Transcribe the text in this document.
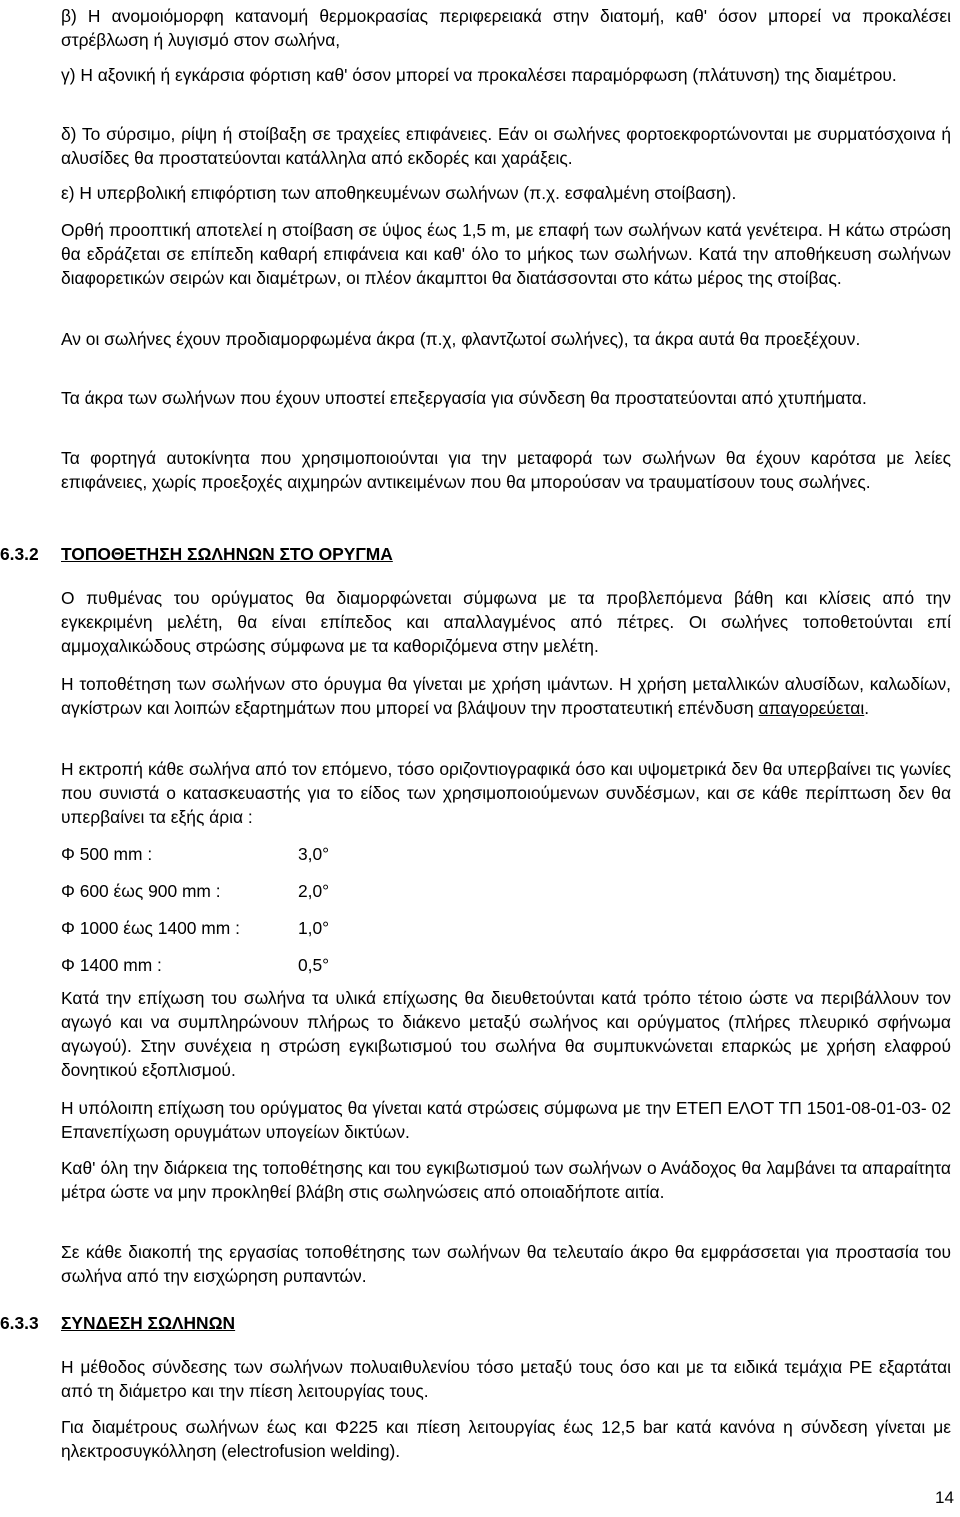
β) Η ανομοιόμορφη κατανομή θερμοκρασίας περιφερειακά στην διατομή, καθ' όσον μπορεί να προκαλέσει στρέβλωση ή λυγισμό στον σωλήνα,

γ) Η αξονική ή εγκάρσια φόρτιση καθ' όσον μπορεί να προκαλέσει παραμόρφωση (πλάτυνση) της διαμέτρου.

δ) Το σύρσιμο, ρίψη ή στοίβαξη σε τραχείες επιφάνειες. Εάν οι σωλήνες φορτοεκφορτώνονται με συρματόσχοινα ή αλυσίδες θα προστατεύονται κατάλληλα από εκδορές και χαράξεις.

ε) Η υπερβολική επιφόρτιση των αποθηκευμένων σωλήνων (π.χ. εσφαλμένη στοίβαση).

Ορθή προοπτική αποτελεί η στοίβαση σε ύψος έως 1,5 m, με επαφή των σωλήνων κατά γενέτειρα. Η κάτω στρώση θα εδράζεται σε επίπεδη καθαρή επιφάνεια και καθ' όλο το μήκος των σωλήνων. Κατά την αποθήκευση σωλήνων διαφορετικών σειρών και διαμέτρων, οι πλέον άκαμπτοι θα διατάσσονται στο κάτω μέρος της στοίβας.

Αν οι σωλήνες έχουν προδιαμορφωμένα άκρα (π.χ, φλαντζωτοί σωλήνες), τα άκρα αυτά θα προεξέχουν.

Τα άκρα των σωλήνων που έχουν υποστεί επεξεργασία για σύνδεση θα προστατεύονται από χτυπήματα.

Τα φορτηγά αυτοκίνητα που χρησιμοποιούνται για την μεταφορά των σωλήνων θα έχουν καρότσα με λείες επιφάνειες, χωρίς προεξοχές αιχμηρών αντικειμένων που θα μπορούσαν να τραυματίσουν τους σωλήνες.

6.3.2 ΤΟΠΟΘΕΤΗΣΗ ΣΩΛΗΝΩΝ ΣΤΟ ΟΡΥΓΜΑ

Ο πυθμένας του ορύγματος θα διαμορφώνεται σύμφωνα με τα προβλεπόμενα βάθη και κλίσεις από την εγκεκριμένη μελέτη, θα είναι επίπεδος και απαλλαγμένος από πέτρες. Οι σωλήνες τοποθετούνται επί αμμοχαλικώδους στρώσης σύμφωνα με τα καθοριζόμενα στην μελέτη.

Η τοποθέτηση των σωλήνων στο όρυγμα θα γίνεται με χρήση ιμάντων. Η χρήση μεταλλικών αλυσίδων, καλωδίων, αγκίστρων και λοιπών εξαρτημάτων που μπορεί να βλάψουν την προστατευτική επένδυση απαγορεύεται.

Η εκτροπή κάθε σωλήνα από τον επόμενο, τόσο οριζοντιογραφικά όσο και υψομετρικά δεν θα υπερβαίνει τις γωνίες που συνιστά ο κατασκευαστής για το είδος των χρησιμοποιούμενων συνδέσμων, και σε κάθε περίπτωση δεν θα υπερβαίνει τα εξής άρια :

Φ 500 mm :	3,0°
Φ 600 έως 900 mm :	2,0°
Φ 1000 έως 1400 mm :	1,0°
Φ 1400 mm :	0,5°

Κατά την επίχωση του σωλήνα τα υλικά επίχωσης θα διευθετούνται κατά τρόπο τέτοιο ώστε να περιβάλλουν τον αγωγό και να συμπληρώνουν πλήρως το διάκενο μεταξύ σωλήνος και ορύγματος (πλήρες πλευρικό σφήνωμα αγωγού). Στην συνέχεια η στρώση εγκιβωτισμού του σωλήνα θα συμπυκνώνεται επαρκώς με χρήση ελαφρού δονητικού εξοπλισμού.

Η υπόλοιπη επίχωση του ορύγματος θα γίνεται κατά στρώσεις σύμφωνα με την ΕΤΕΠ ΕΛΟΤ ΤΠ 1501-08-01-03- 02 Επανεπίχωση ορυγμάτων υπογείων δικτύων.

Καθ' όλη την διάρκεια της τοποθέτησης και του εγκιβωτισμού των σωλήνων ο Ανάδοχος θα λαμβάνει τα απαραίτητα μέτρα ώστε να μην προκληθεί βλάβη στις σωληνώσεις από οποιαδήποτε αιτία.

Σε κάθε διακοπή της εργασίας τοποθέτησης των σωλήνων θα τελευταίο άκρο θα εμφράσσεται για προστασία του σωλήνα από την εισχώρηση ρυπαντών.

6.3.3 ΣΥΝΔΕΣΗ ΣΩΛΗΝΩΝ

Η μέθοδος σύνδεσης των σωλήνων πολυαιθυλενίου τόσο μεταξύ τους όσο και με τα ειδικά τεμάχια PE εξαρτάται από τη διάμετρο και την πίεση λειτουργίας τους.

Για διαμέτρους σωλήνων έως και Φ225 και πίεση λειτουργίας έως 12,5 bar κατά κανόνα η σύνδεση γίνεται με ηλεκτροσυγκόλληση (electrofusion welding).

14
